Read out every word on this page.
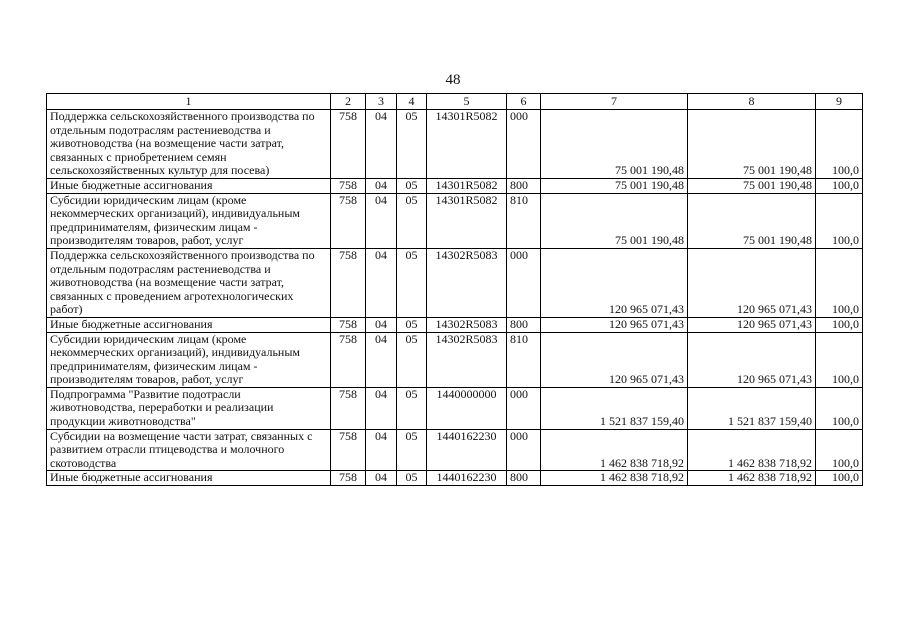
48
1	2	3	4	5	6	7	8	9
Поддержка сельскохозяйственного производства по отдельным подотраслям растениеводства и животноводства (на возмещение части затрат, связанных с приобретением семян сельскохозяйственных культур для посева)	758	04	05	14301R5082	000	75 001 190,48	75 001 190,48	100,0
Иные бюджетные ассигнования	758	04	05	14301R5082	800	75 001 190,48	75 001 190,48	100,0
Субсидии юридическим лицам (кроме некоммерческих организаций), индивидуальным предпринимателям, физическим лицам - производителям товаров, работ, услуг	758	04	05	14301R5082	810	75 001 190,48	75 001 190,48	100,0
Поддержка сельскохозяйственного производства по отдельным подотраслям растениеводства и животноводства (на возмещение части затрат, связанных с проведением агротехнологических работ)	758	04	05	14302R5083	000	120 965 071,43	120 965 071,43	100,0
Иные бюджетные ассигнования	758	04	05	14302R5083	800	120 965 071,43	120 965 071,43	100,0
Субсидии юридическим лицам (кроме некоммерческих организаций), индивидуальным предпринимателям, физическим лицам - производителям товаров, работ, услуг	758	04	05	14302R5083	810	120 965 071,43	120 965 071,43	100,0
Подпрограмма "Развитие подотрасли животноводства, переработки и реализации продукции животноводства"	758	04	05	1440000000	000	1 521 837 159,40	1 521 837 159,40	100,0
Субсидии на возмещение части затрат, связанных с развитием отрасли птицеводства и молочного скотоводства	758	04	05	1440162230	000	1 462 838 718,92	1 462 838 718,92	100,0
Иные бюджетные ассигнования	758	04	05	1440162230	800	1 462 838 718,92	1 462 838 718,92	100,0
